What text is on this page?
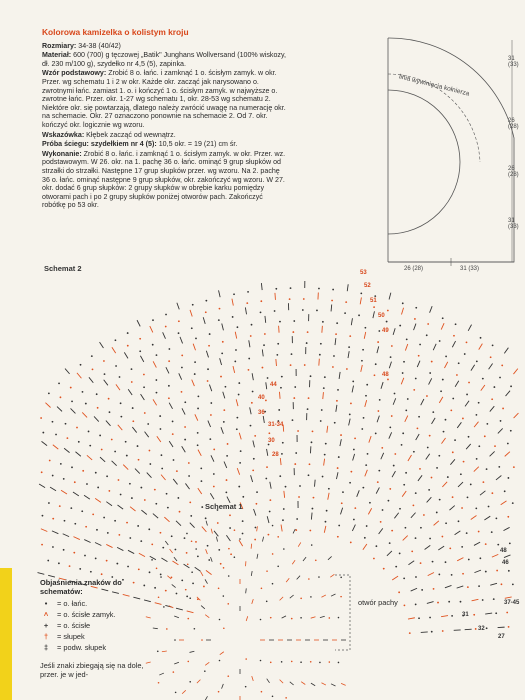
Kolorowa kamizelka o kolistym kroju

Rozmiary: 34-38 (40/42)

Materiał: 600 (700) g tęczowej „Batik" Junghans Wollversand (100% wiskozy, dł. 230 m/100 g), szydełko nr 4,5 (5), zapinka.

Wzór podstawowy: Zrobić 8 o. łańc. i zamknąć 1 o. ścisłym zamyk. w okr. Przer. wg schematu 1 i 2 w okr. Każde okr. zacząć jak narysowano o. zwrotnymi łańc. zamiast 1. o. i kończyć 1 o. ścisłym zamyk. w najwyższe o. zwrotne łańc. Przer. okr. 1-27 wg schematu 1, okr. 28-53 wg schematu 2. Niektóre okr. się powtarzają, dlatego należy zwrócić uwagę na numerację okr. na schemacie. Okr. 27 oznaczono ponownie na schemacie 2. Od 7. okr. kończyć okr. logicznie wg wzoru.

Wskazówka: Kłębek zacząć od wewnątrz.

Próba ściegu: szydełkiem nr 4 (5): 10,5 okr. = 19 (21) cm śr.

Wykonanie: Zrobić 8 o. łańc. i zamknąć 1 o. ścisłym zamyk. w okr. Przer. wz. podstawowym. W 26. okr. na 1. pachę 36 o. łańc. ominąć 9 grup słupków od strzałki do strzałki. Następne 17 grup słupków przer. wg wzoru. Na 2. pachę 36 o. łańc. ominąć następne 9 grup słupków, okr. zakończyć wg wzoru. W 27. okr. dodać 6 grup słupków: 2 grupy słupków w obrębie karku pomiędzy otworami pach i po 2 grupy słupków poniżej otworów pach. Zakończyć robótkę po 53 okr.

linia wywinięcia kołnierza
31 (33)
26 (28)
26 (28)
31 (33)
26 (28)	31 (33)
Schemat 2
Schemat 1
otwór pachy
Objaśnienia znaków do schematów:
•	= o. łańc.
˄	= o. ścisłe zamyk.
+	= o. ścisłe
†	= słupek
‡	= podw. słupek
Jeśli znaki zbiegają się na dole, przer. je w jed-
53
52
51
50
49
48
44
40
36
31-34
30
28
48
46
27
31
32
37-45
